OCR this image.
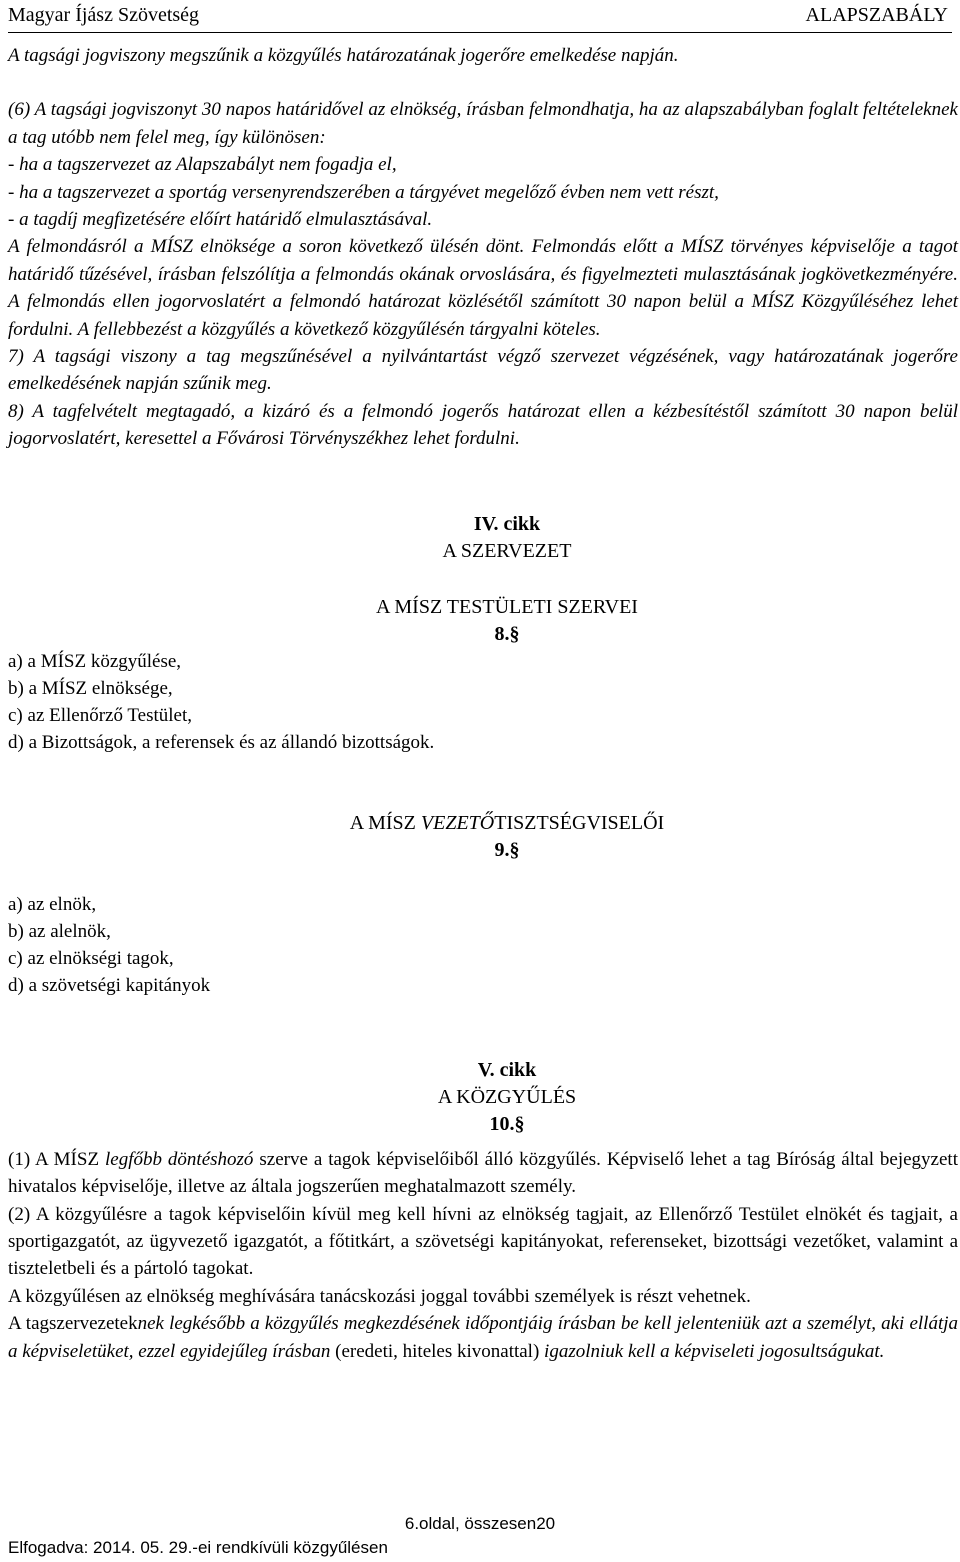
Magyar Íjász Szövetség	ALAPSZABÁLY

A tagsági jogviszony megszűnik a közgyűlés határozatának jogerőre emelkedése napján.

(6) A tagsági jogviszonyt 30 napos határidővel az elnökség, írásban felmondhatja, ha az alapszabályban foglalt feltételeknek a tag utóbb nem felel meg, így különösen:

- ha a tagszervezet az Alapszabályt nem fogadja el,

- ha a tagszervezet a sportág versenyrendszerében a tárgyévet megelőző évben nem vett részt,

- a tagdíj megfizetésére előírt határidő elmulasztásával.

A felmondásról a MÍSZ elnöksége a soron következő ülésén dönt. Felmondás előtt a MÍSZ törvényes képviselője a tagot határidő tűzésével, írásban felszólítja a felmondás okának orvoslására, és figyelmezteti mulasztásának jogkövetkezményére. A felmondás ellen jogorvoslatért a felmondó határozat közlésétől számított 30 napon belül a MÍSZ Közgyűléséhez lehet fordulni. A fellebbezést a közgyűlés a következő közgyűlésén tárgyalni köteles.

7) A tagsági viszony a tag megszűnésével a nyilvántartást végző szervezet végzésének, vagy határozatának jogerőre emelkedésének napján szűnik meg.

8) A tagfelvételt megtagadó, a kizáró és a felmondó jogerős határozat ellen a kézbesítéstől számított 30 napon belül jogorvoslatért, keresettel a Fővárosi Törvényszékhez lehet fordulni.

IV. cikk
A SZERVEZET
A MÍSZ TESTÜLETI SZERVEI
8.§
a) a MÍSZ közgyűlése,
b) a MÍSZ elnöksége,
c) az Ellenőrző Testület,
d) a Bizottságok, a referensek és az állandó bizottságok.
A MÍSZ VEZETŐTISZTSÉGVISELŐI
9.§
a) az elnök,
b) az alelnök,
c) az elnökségi tagok,
d) a szövetségi kapitányok
V. cikk
A KÖZGYŰLÉS
10.§

(1) A MÍSZ legfőbb döntéshozó szerve a tagok képviselőiből álló közgyűlés. Képviselő lehet a tag Bíróság által bejegyzett hivatalos képviselője, illetve az általa jogszerűen meghatalmazott személy.

(2) A közgyűlésre a tagok képviselőin kívül meg kell hívni az elnökség tagjait, az Ellenőrző Testület elnökét és tagjait, a sportigazgatót, az ügyvezető igazgatót, a főtitkárt, a szövetségi kapitányokat, referenseket, bizottsági vezetőket, valamint a tiszteletbeli és a pártoló tagokat.

A közgyűlésen az elnökség meghívására tanácskozási joggal további személyek is részt vehetnek.

A tagszervezeteknek legkésőbb a közgyűlés megkezdésének időpontjáig írásban be kell jelenteniük azt a személyt, aki ellátja a képviseletüket, ezzel egyidejűleg írásban (eredeti, hiteles kivonattal) igazolniuk kell a képviseleti jogosultságukat.

6.oldal, összesen20
Elfogadva: 2014. 05. 29.-ei rendkívüli közgyűlésen
